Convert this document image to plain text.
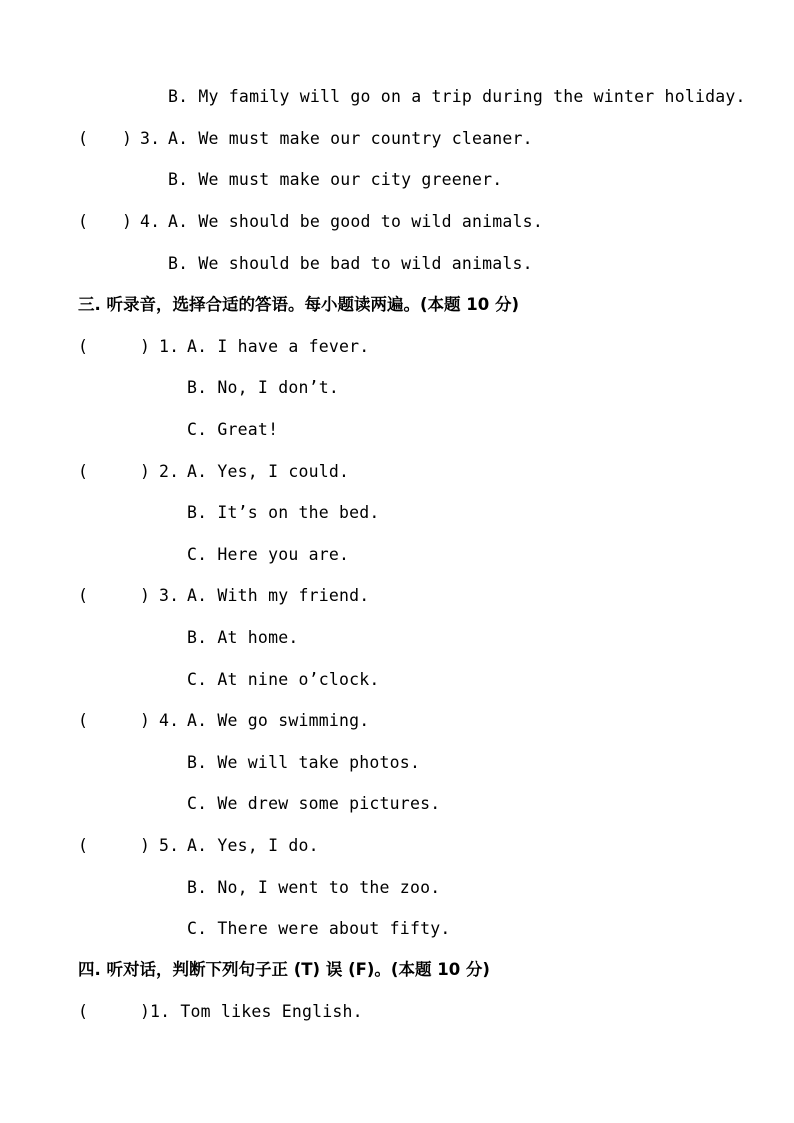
B. My family will go on a trip during the winter holiday.
( ) 3. A. We must make our country cleaner.
B. We must make our city greener.
( ) 4. A. We should be good to wild animals.
B. We should be bad to wild animals.
三. 听录音，选择合适的答语。每小题读两遍。(本题 10 分)
(	) 1. A. I have a fever.
B. No, I don’t.
C. Great!
(	) 2. A. Yes, I could.
B. It’s on the bed.
C. Here you are.
(	) 3. A. With my friend.
B. At home.
C. At nine o’clock.
(	) 4. A. We go swimming.
B. We will take photos.
C. We drew some pictures.
(	) 5. A. Yes, I do.
B. No, I went to the zoo.
C. There were about fifty.
四. 听对话，判断下列句子正 (T) 误 (F)。(本题 10 分)
(	) 1. Tom likes English.
